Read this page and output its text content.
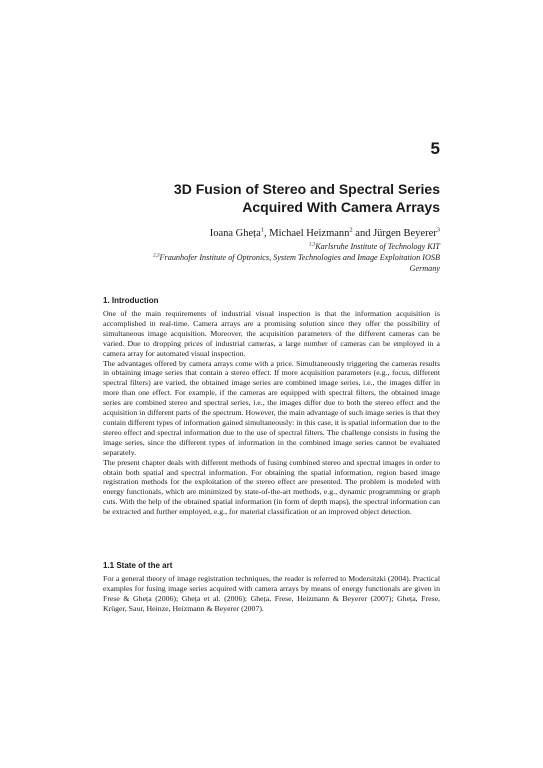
5
3D Fusion of Stereo and Spectral Series
Acquired With Camera Arrays
Ioana Gheța$^1$, Michael Heizmann$^2$ and Jürgen Beyerer$^3$
$^{1,3}$Karlsruhe Institute of Technology KIT
$^{2,3}$Fraunhofer Institute of Optronics, System Technologies and Image Exploitation IOSB
Germany
1. Introduction

One of the main requirements of industrial visual inspection is that the information acquisition is accomplished in real-time. Camera arrays are a promising solution since they offer the possibility of simultaneous image acquisition. Moreover, the acquisition parameters of the different cameras can be varied. Due to dropping prices of industrial cameras, a large number of cameras can be employed in a camera array for automated visual inspection.

The advantages offered by camera arrays come with a price. Simultaneously triggering the cameras results in obtaining image series that contain a stereo effect. If more acquisition parameters (e.g., focus, different spectral filters) are varied, the obtained image series are combined image series, i.e., the images differ in more than one effect. For example, if the cameras are equipped with spectral filters, the obtained image series are combined stereo and spectral series, i.e., the images differ due to both the stereo effect and the acquisition in different parts of the spectrum. However, the main advantage of such image series is that they contain different types of information gained simultaneously: in this case, it is spatial information due to the stereo effect and spectral information due to the use of spectral filters. The challenge consists in fusing the image series, since the different types of information in the combined image series cannot be evaluated separately.

The present chapter deals with different methods of fusing combined stereo and spectral images in order to obtain both spatial and spectral information. For obtaining the spatial information, region based image registration methods for the exploitation of the stereo effect are presented. The problem is modeled with energy functionals, which are minimized by state-of-the-art methods, e.g., dynamic programming or graph cuts. With the help of the obtained spatial information (in form of depth maps), the spectral information can be extracted and further employed, e.g., for material classification or an improved object detection.

1.1 State of the art

For a general theory of image registration techniques, the reader is referred to Modersitzki (2004). Practical examples for fusing image series acquired with camera arrays by means of energy functionals are given in Frese & Gheța (2006); Gheța et al. (2006); Gheța, Frese, Heizmann & Beyerer (2007); Gheța, Frese, Krüger, Saur, Heinze, Heizmann & Beyerer (2007).
